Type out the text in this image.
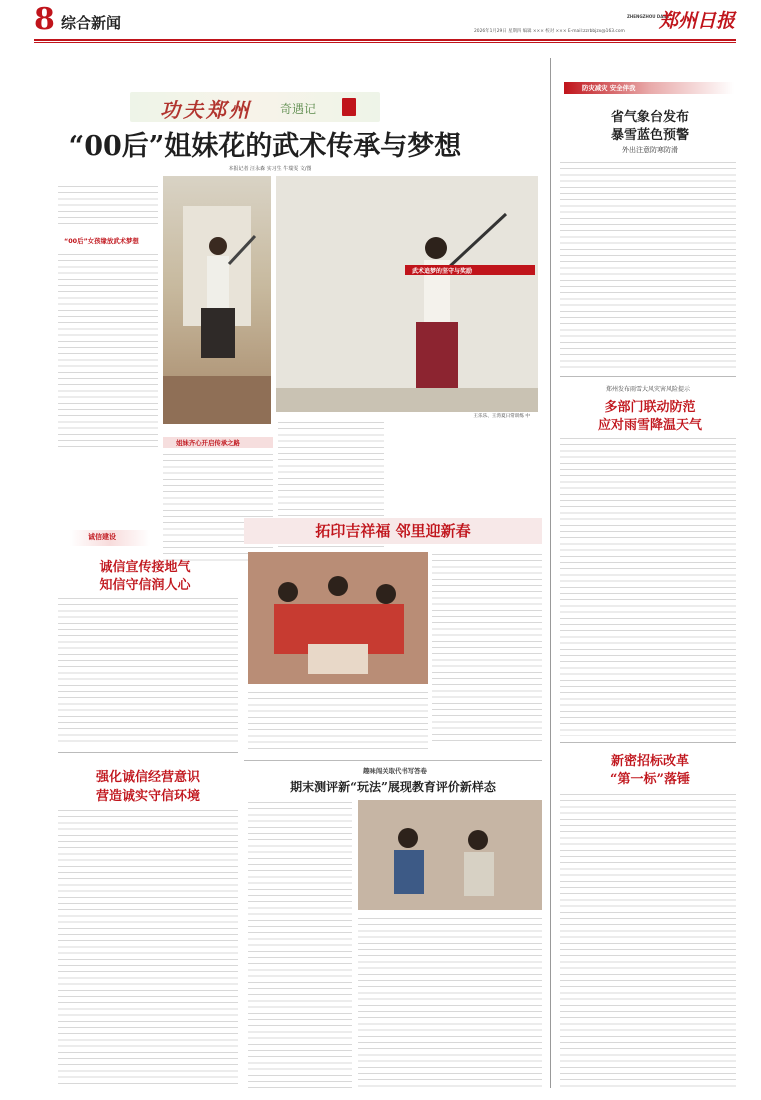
8 综合新闻	ZHENGZHOU DAILY
郑州日报
2026年1月29日 星期四 编辑 ××× 校对 ××× E-mail:zzrbbjzx@163.com
功夫郑州 奇遇记
“00后”姐妹花的武术传承与梦想
本报记者 汪永森 实习生 牛瑞雯 文/图
“00后”女孩缘放武术梦想
王乐乐、王湾夏日常训练 中
姐妹齐心开启传承之路
武术追梦的坚守与奖励
诚信建设
诚信宣传接地气
知信守信润人心
强化诚信经营意识
营造诚实守信环境
拓印吉祥福 邻里迎新春
趣味闯关取代书写答卷
期末测评新“玩法”展现教育评价新样态
防灾减灾 安全伴我
省气象台发布
暴雪蓝色预警
外出注意防寒防滑
郑州发布雨雪大风灾害风险提示
多部门联动防范
应对雨雪降温天气
新密招标改革
“第一标”落锤
